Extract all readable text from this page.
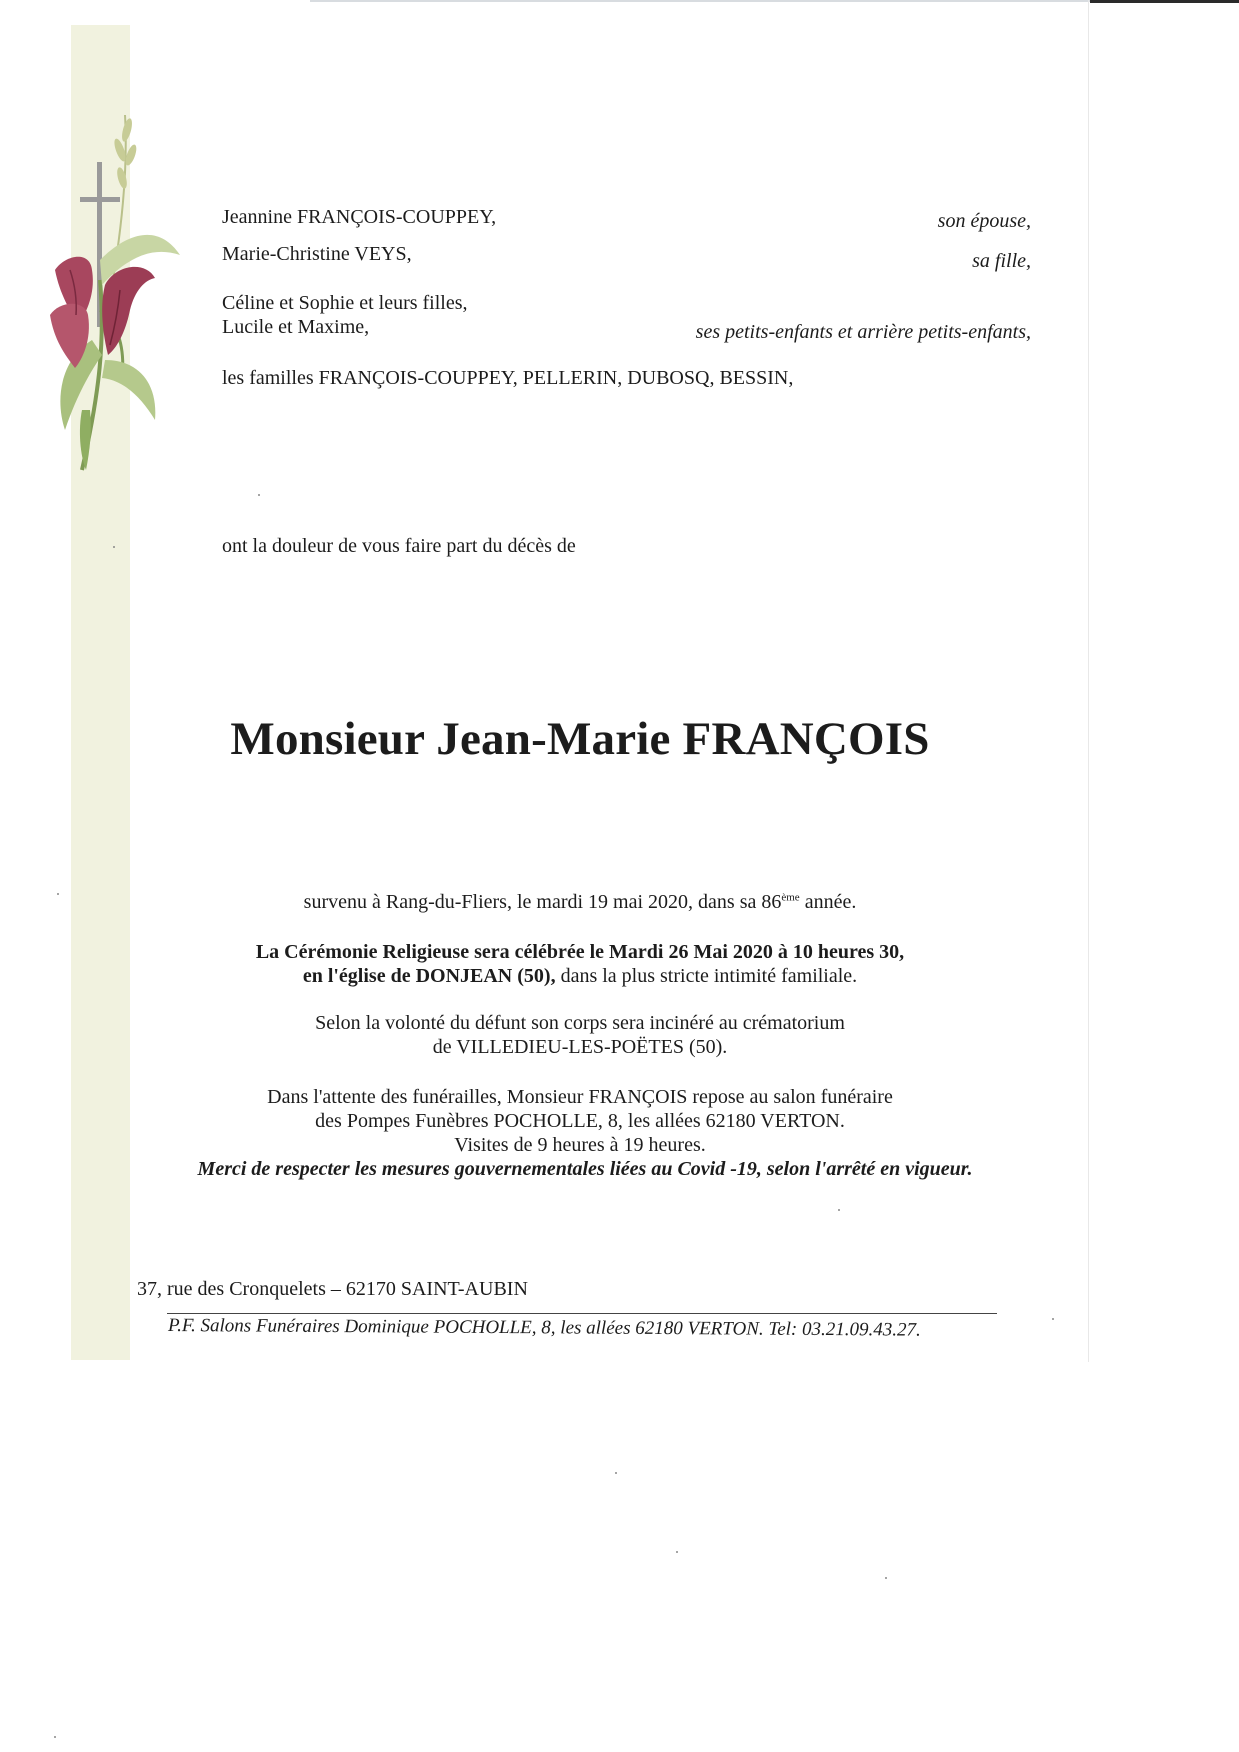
Jeannine FRANÇOIS-COUPPEY,	son épouse,
Marie-Christine VEYS,	sa fille,
Céline et Sophie et leurs filles,
Lucile et Maxime,	ses petits-enfants et arrière petits-enfants,
les familles FRANÇOIS-COUPPEY, PELLERIN, DUBOSQ, BESSIN,
ont la douleur de vous faire part du décès de
Monsieur Jean-Marie FRANÇOIS
survenu à Rang-du-Fliers, le mardi 19 mai 2020, dans sa 86ème année.
La Cérémonie Religieuse sera célébrée le Mardi 26 Mai 2020 à 10 heures 30,
en l'église de DONJEAN (50), dans la plus stricte intimité familiale.
Selon la volonté du défunt son corps sera incinéré au crématorium
de VILLEDIEU-LES-POËTES (50).
Dans l'attente des funérailles, Monsieur FRANÇOIS repose au salon funéraire
des Pompes Funèbres POCHOLLE, 8, les allées 62180 VERTON.
Visites de 9 heures à 19 heures.
Merci de respecter les mesures gouvernementales liées au Covid -19, selon l'arrêté en vigueur.
37, rue des Cronquelets – 62170 SAINT-AUBIN
P.F. Salons Funéraires Dominique POCHOLLE, 8, les allées 62180 VERTON. Tel: 03.21.09.43.27.
